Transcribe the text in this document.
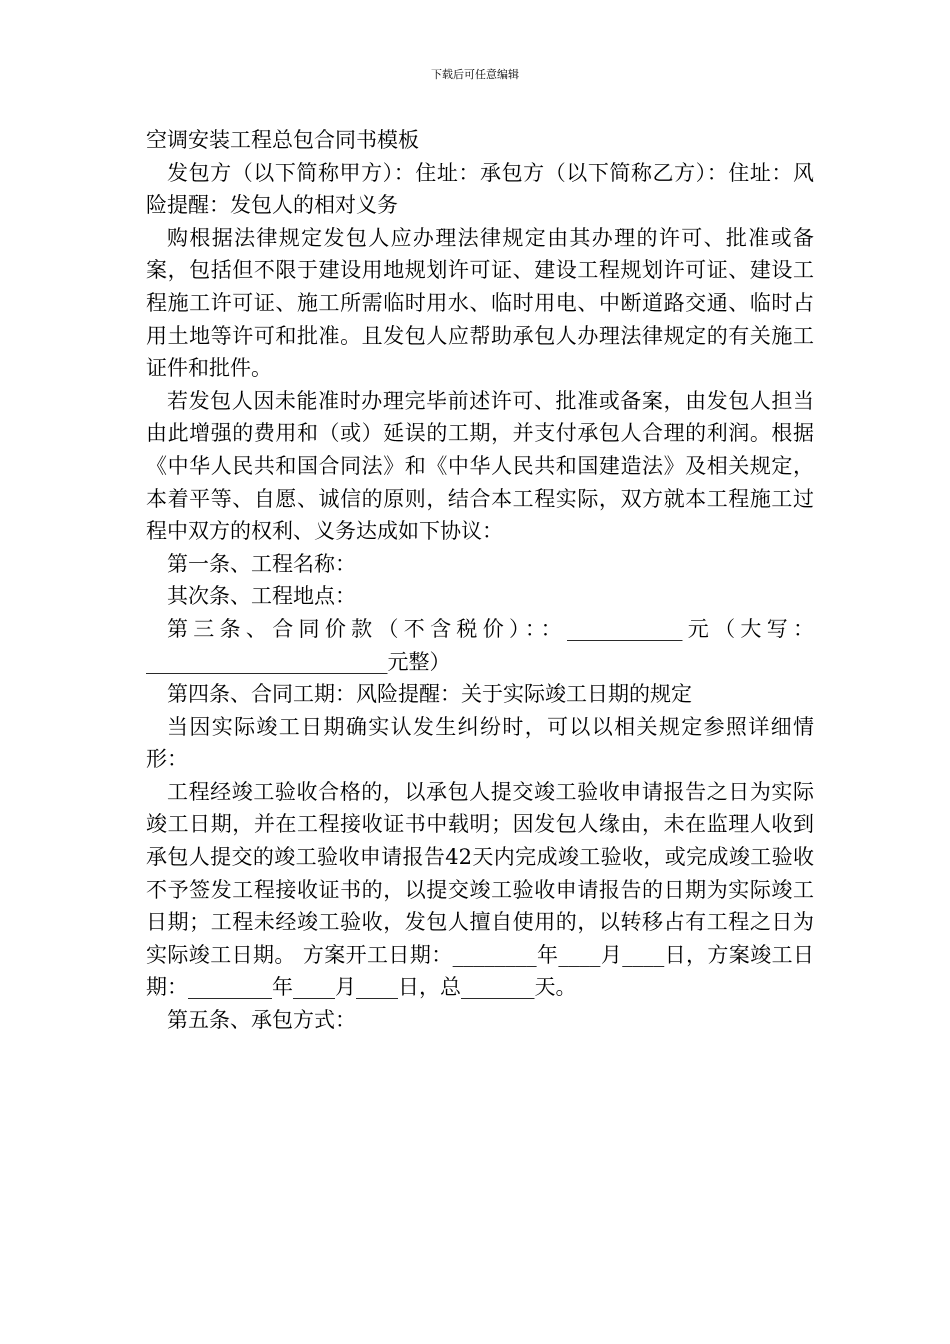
下载后可任意编辑

空调安装工程总包合同书模板

发包方（以下简称甲方）：住址：承包方（以下简称乙方）：住址：风险提醒：发包人的相对义务

购根据法律规定发包人应办理法律规定由其办理的许可、批准或备案，包括但不限于建设用地规划许可证、建设工程规划许可证、建设工程施工许可证、施工所需临时用水、临时用电、中断道路交通、临时占用土地等许可和批准。且发包人应帮助承包人办理法律规定的有关施工证件和批件。

若发包人因未能准时办理完毕前述许可、批准或备案，由发包人担当由此增强的费用和（或）延误的工期，并支付承包人合理的利润。根据《中华人民共和国合同法》和《中华人民共和国建造法》及相关规定，本着平等、自愿、诚信的原则，结合本工程实际，双方就本工程施工过程中双方的权利、义务达成如下协议：

第一条、工程名称：

其次条、工程地点：

第三条、合同价款（不含税价）：：___________元（大写：_______________________元整）

第四条、合同工期：风险提醒：关于实际竣工日期的规定

当因实际竣工日期确实认发生纠纷时，可以以相关规定参照详细情形：

工程经竣工验收合格的，以承包人提交竣工验收申请报告之日为实际竣工日期，并在工程接收证书中载明；因发包人缘由，未在监理人收到承包人提交的竣工验收申请报告42天内完成竣工验收，或完成竣工验收不予签发工程接收证书的，以提交竣工验收申请报告的日期为实际竣工日期；工程未经竣工验收，发包人擅自使用的，以转移占有工程之日为实际竣工日期。 方案开工日期：________年____月____日，方案竣工日期：________年____月____日，总_______天。

第五条、承包方式：
